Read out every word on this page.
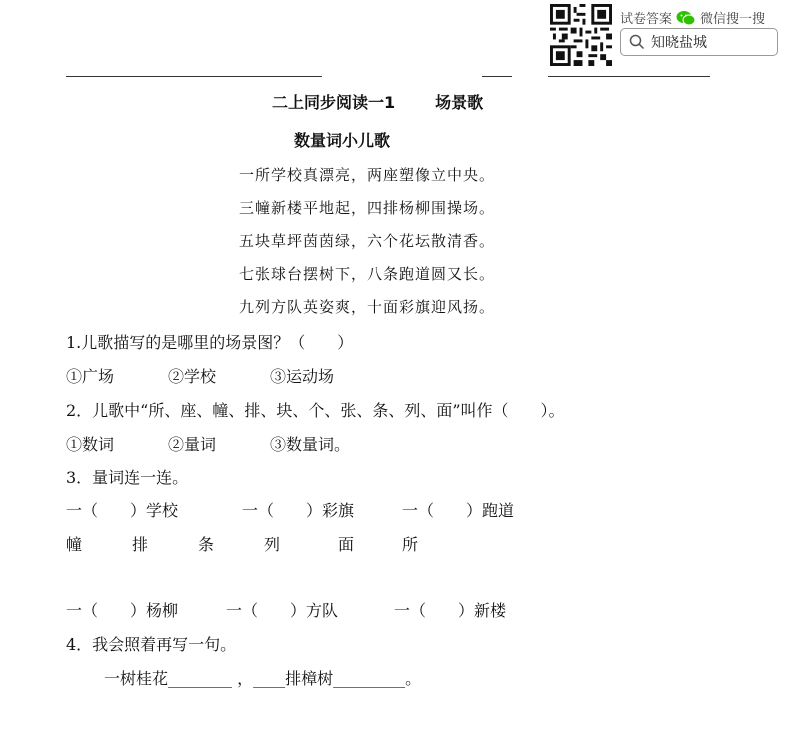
试卷答案 微信搜一搜
知晓盐城
二上同步阅读一1	场景歌
数量词小儿歌
一所学校真漂亮，两座塑像立中央。
三幢新楼平地起，四排杨柳围操场。
五块草坪茵茵绿，六个花坛散清香。
七张球台摆树下，八条跑道圆又长。
九列方队英姿爽，十面彩旗迎风扬。
1.儿歌描写的是哪里的场景图？（　　）
①广场	②学校	③运动场
2．儿歌中“所、座、幢、排、块、个、张、条、列、面”叫作（　　）。
①数词	②量词	③数量词。
3．量词连一连。
一（　　）学校	一（　　）彩旗	一（　　）跑道
幢	排	条	列	面	所
一（　　）杨柳	一（　　）方队	一（　　）新楼
4．我会照着再写一句。
一树桂花________ ，____排樟树_________。
